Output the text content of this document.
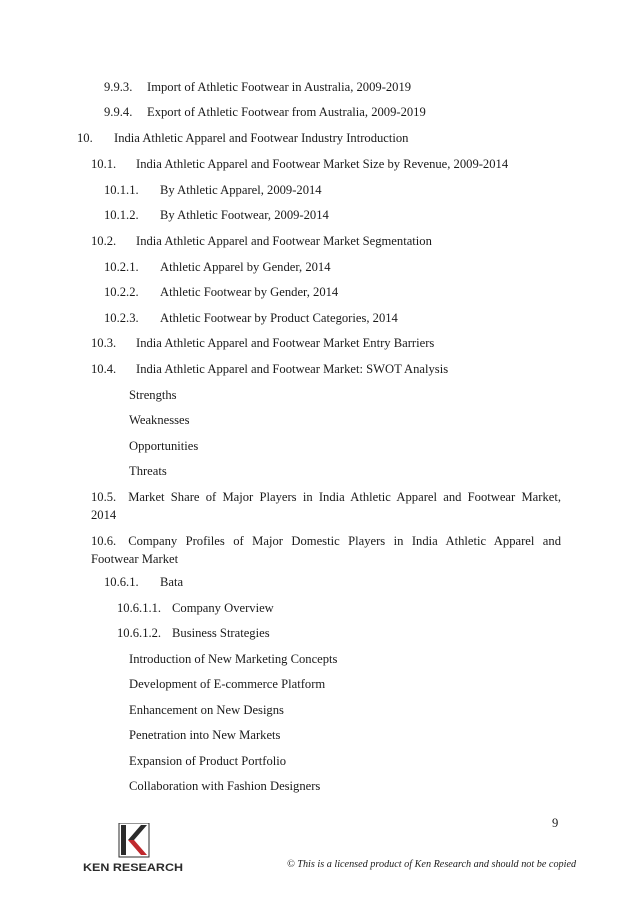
9.9.3. Import of Athletic Footwear in Australia, 2009-2019
9.9.4. Export of Athletic Footwear from Australia, 2009-2019
10. India Athletic Apparel and Footwear Industry Introduction
10.1. India Athletic Apparel and Footwear Market Size by Revenue, 2009-2014
10.1.1. By Athletic Apparel, 2009-2014
10.1.2. By Athletic Footwear, 2009-2014
10.2. India Athletic Apparel and Footwear Market Segmentation
10.2.1. Athletic Apparel by Gender, 2014
10.2.2. Athletic Footwear by Gender, 2014
10.2.3. Athletic Footwear by Product Categories, 2014
10.3. India Athletic Apparel and Footwear Market Entry Barriers
10.4. India Athletic Apparel and Footwear Market: SWOT Analysis
Strengths
Weaknesses
Opportunities
Threats
10.5. Market Share of Major Players in India Athletic Apparel and Footwear Market,
2014
10.6. Company Profiles of Major Domestic Players in India Athletic Apparel and
Footwear Market
10.6.1. Bata
10.6.1.1. Company Overview
10.6.1.2. Business Strategies
Introduction of New Marketing Concepts
Development of E-commerce Platform
Enhancement on New Designs
Penetration into New Markets
Expansion of Product Portfolio
Collaboration with Fashion Designers
9
KEN RESEARCH	© This is a licensed product of Ken Research and should not be copied
